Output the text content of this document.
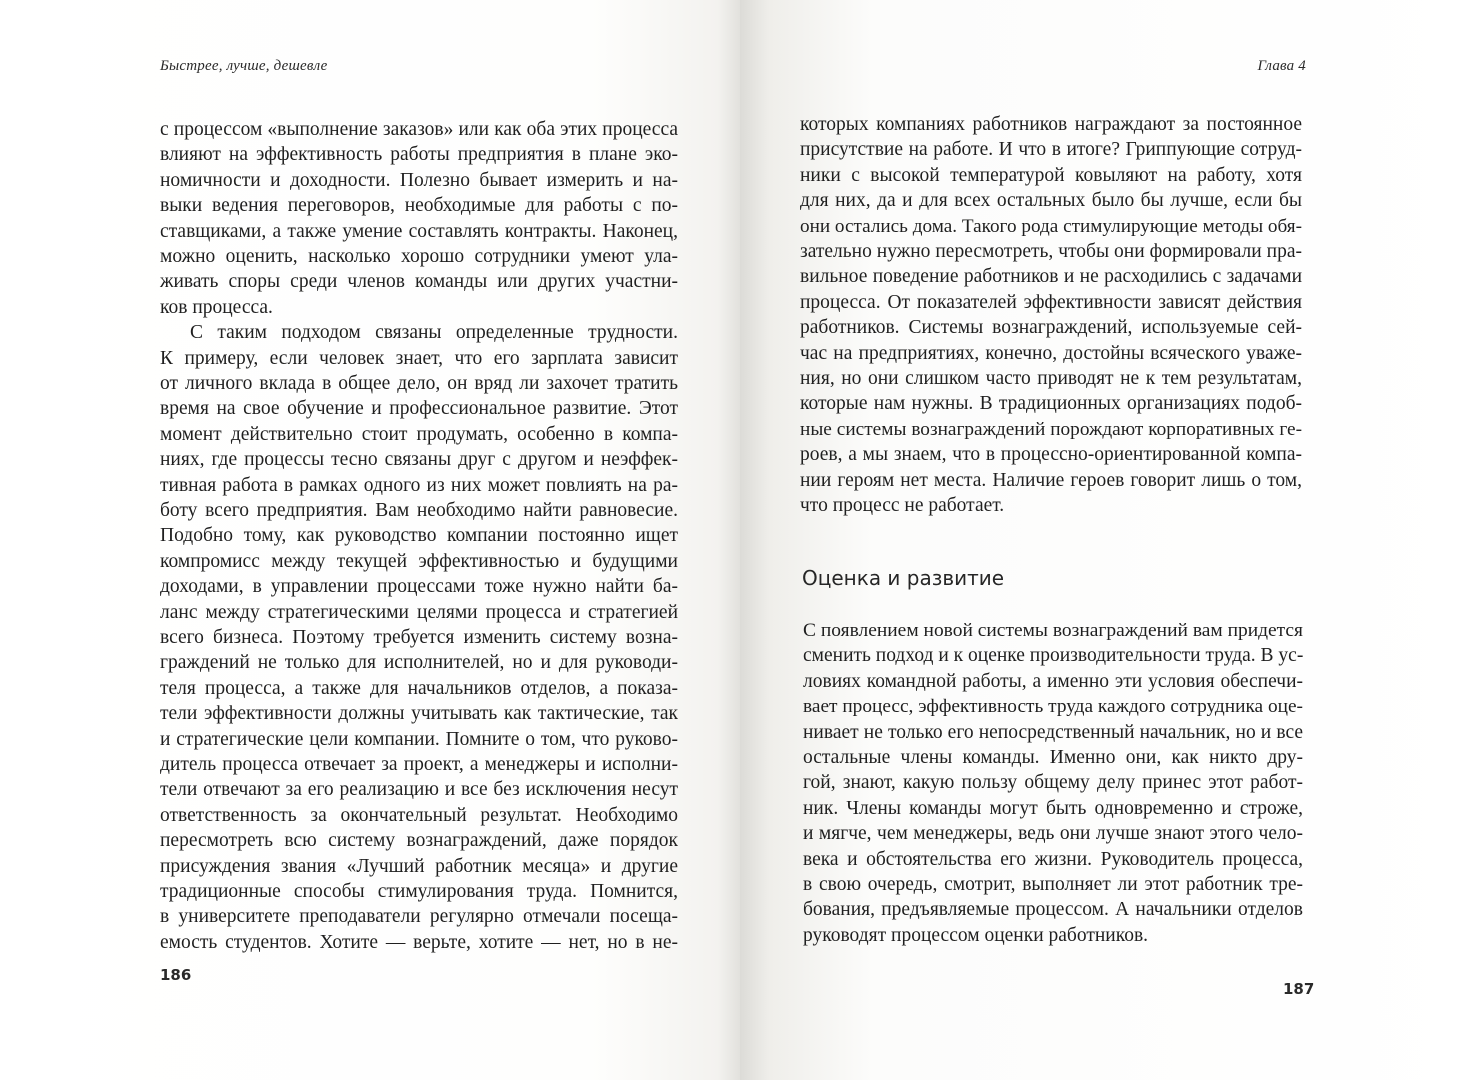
Быстрее, лучше, дешевле
с процессом «выполнение заказов» или как оба этих процесса
влияют на эффективность работы предприятия в плане эко-
номичности и доходности. Полезно бывает измерить и на-
выки ведения переговоров, необходимые для работы с по-
ставщиками, а также умение составлять контракты. Наконец,
можно оценить, насколько хорошо сотрудники умеют ула-
живать споры среди членов команды или других участни-
ков процесса.
С таким подходом связаны определенные трудности.
К примеру, если человек знает, что его зарплата зависит
от личного вклада в общее дело, он вряд ли захочет тратить
время на свое обучение и профессиональное развитие. Этот
момент действительно стоит продумать, особенно в компа-
ниях, где процессы тесно связаны друг с другом и неэффек-
тивная работа в рамках одного из них может повлиять на ра-
боту всего предприятия. Вам необходимо найти равновесие.
Подобно тому, как руководство компании постоянно ищет
компромисс между текущей эффективностью и будущими
доходами, в управлении процессами тоже нужно найти ба-
ланс между стратегическими целями процесса и стратегией
всего бизнеса. Поэтому требуется изменить систему возна-
граждений не только для исполнителей, но и для руководи-
теля процесса, а также для начальников отделов, а показа-
тели эффективности должны учитывать как тактические, так
и стратегические цели компании. Помните о том, что руково-
дитель процесса отвечает за проект, а менеджеры и исполни-
тели отвечают за его реализацию и все без исключения несут
ответственность за окончательный результат. Необходимо
пересмотреть всю систему вознаграждений, даже порядок
присуждения звания «Лучший работник месяца» и другие
традиционные способы стимулирования труда. Помнится,
в университете преподаватели регулярно отмечали посеща-
емость студентов. Хотите — верьте, хотите — нет, но в не-
186
Глава 4
которых компаниях работников награждают за постоянное
присутствие на работе. И что в итоге? Гриппующие сотруд-
ники с высокой температурой ковыляют на работу, хотя
для них, да и для всех остальных было бы лучше, если бы
они остались дома. Такого рода стимулирующие методы обя-
зательно нужно пересмотреть, чтобы они формировали пра-
вильное поведение работников и не расходились с задачами
процесса. От показателей эффективности зависят действия
работников. Системы вознаграждений, используемые сей-
час на предприятиях, конечно, достойны всяческого уваже-
ния, но они слишком часто приводят не к тем результатам,
которые нам нужны. В традиционных организациях подоб-
ные системы вознаграждений порождают корпоративных ге-
роев, а мы знаем, что в процессно-ориентированной компа-
нии героям нет места. Наличие героев говорит лишь о том,
что процесс не работает.
Оценка и развитие
С появлением новой системы вознаграждений вам придется
сменить подход и к оценке производительности труда. В ус-
ловиях командной работы, а именно эти условия обеспечи-
вает процесс, эффективность труда каждого сотрудника оце-
нивает не только его непосредственный начальник, но и все
остальные члены команды. Именно они, как никто дру-
гой, знают, какую пользу общему делу принес этот работ-
ник. Члены команды могут быть одновременно и строже,
и мягче, чем менеджеры, ведь они лучше знают этого чело-
века и обстоятельства его жизни. Руководитель процесса,
в свою очередь, смотрит, выполняет ли этот работник тре-
бования, предъявляемые процессом. А начальники отделов
руководят процессом оценки работников.
187
